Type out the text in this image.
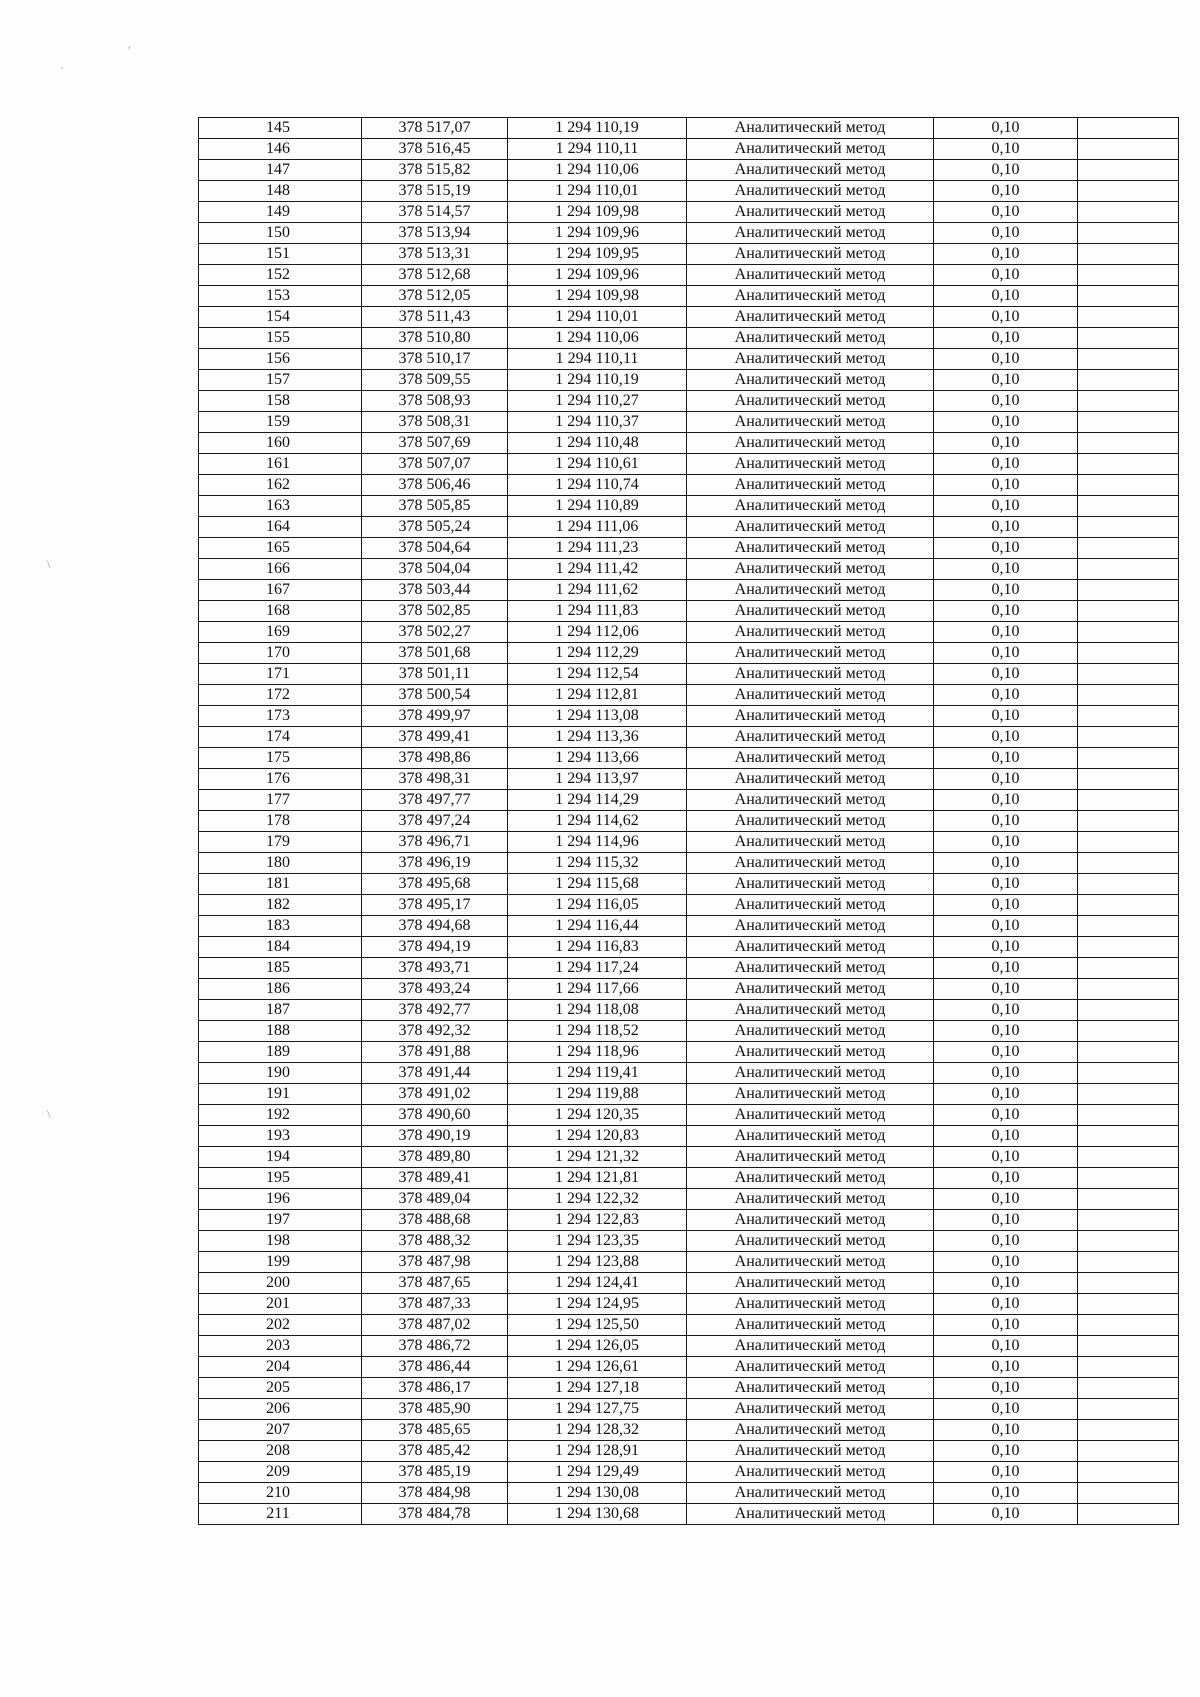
′
·
\
\
145	378 517,07	1 294 110,19	Аналитический метод	0,10	
146	378 516,45	1 294 110,11	Аналитический метод	0,10	
147	378 515,82	1 294 110,06	Аналитический метод	0,10	
148	378 515,19	1 294 110,01	Аналитический метод	0,10	
149	378 514,57	1 294 109,98	Аналитический метод	0,10	
150	378 513,94	1 294 109,96	Аналитический метод	0,10	
151	378 513,31	1 294 109,95	Аналитический метод	0,10	
152	378 512,68	1 294 109,96	Аналитический метод	0,10	
153	378 512,05	1 294 109,98	Аналитический метод	0,10	
154	378 511,43	1 294 110,01	Аналитический метод	0,10	
155	378 510,80	1 294 110,06	Аналитический метод	0,10	
156	378 510,17	1 294 110,11	Аналитический метод	0,10	
157	378 509,55	1 294 110,19	Аналитический метод	0,10	
158	378 508,93	1 294 110,27	Аналитический метод	0,10	
159	378 508,31	1 294 110,37	Аналитический метод	0,10	
160	378 507,69	1 294 110,48	Аналитический метод	0,10	
161	378 507,07	1 294 110,61	Аналитический метод	0,10	
162	378 506,46	1 294 110,74	Аналитический метод	0,10	
163	378 505,85	1 294 110,89	Аналитический метод	0,10	
164	378 505,24	1 294 111,06	Аналитический метод	0,10	
165	378 504,64	1 294 111,23	Аналитический метод	0,10	
166	378 504,04	1 294 111,42	Аналитический метод	0,10	
167	378 503,44	1 294 111,62	Аналитический метод	0,10	
168	378 502,85	1 294 111,83	Аналитический метод	0,10	
169	378 502,27	1 294 112,06	Аналитический метод	0,10	
170	378 501,68	1 294 112,29	Аналитический метод	0,10	
171	378 501,11	1 294 112,54	Аналитический метод	0,10	
172	378 500,54	1 294 112,81	Аналитический метод	0,10	
173	378 499,97	1 294 113,08	Аналитический метод	0,10	
174	378 499,41	1 294 113,36	Аналитический метод	0,10	
175	378 498,86	1 294 113,66	Аналитический метод	0,10	
176	378 498,31	1 294 113,97	Аналитический метод	0,10	
177	378 497,77	1 294 114,29	Аналитический метод	0,10	
178	378 497,24	1 294 114,62	Аналитический метод	0,10	
179	378 496,71	1 294 114,96	Аналитический метод	0,10	
180	378 496,19	1 294 115,32	Аналитический метод	0,10	
181	378 495,68	1 294 115,68	Аналитический метод	0,10	
182	378 495,17	1 294 116,05	Аналитический метод	0,10	
183	378 494,68	1 294 116,44	Аналитический метод	0,10	
184	378 494,19	1 294 116,83	Аналитический метод	0,10	
185	378 493,71	1 294 117,24	Аналитический метод	0,10	
186	378 493,24	1 294 117,66	Аналитический метод	0,10	
187	378 492,77	1 294 118,08	Аналитический метод	0,10	
188	378 492,32	1 294 118,52	Аналитический метод	0,10	
189	378 491,88	1 294 118,96	Аналитический метод	0,10	
190	378 491,44	1 294 119,41	Аналитический метод	0,10	
191	378 491,02	1 294 119,88	Аналитический метод	0,10	
192	378 490,60	1 294 120,35	Аналитический метод	0,10	
193	378 490,19	1 294 120,83	Аналитический метод	0,10	
194	378 489,80	1 294 121,32	Аналитический метод	0,10	
195	378 489,41	1 294 121,81	Аналитический метод	0,10	
196	378 489,04	1 294 122,32	Аналитический метод	0,10	
197	378 488,68	1 294 122,83	Аналитический метод	0,10	
198	378 488,32	1 294 123,35	Аналитический метод	0,10	
199	378 487,98	1 294 123,88	Аналитический метод	0,10	
200	378 487,65	1 294 124,41	Аналитический метод	0,10	
201	378 487,33	1 294 124,95	Аналитический метод	0,10	
202	378 487,02	1 294 125,50	Аналитический метод	0,10	
203	378 486,72	1 294 126,05	Аналитический метод	0,10	
204	378 486,44	1 294 126,61	Аналитический метод	0,10	
205	378 486,17	1 294 127,18	Аналитический метод	0,10	
206	378 485,90	1 294 127,75	Аналитический метод	0,10	
207	378 485,65	1 294 128,32	Аналитический метод	0,10	
208	378 485,42	1 294 128,91	Аналитический метод	0,10	
209	378 485,19	1 294 129,49	Аналитический метод	0,10	
210	378 484,98	1 294 130,08	Аналитический метод	0,10	
211	378 484,78	1 294 130,68	Аналитический метод	0,10	
